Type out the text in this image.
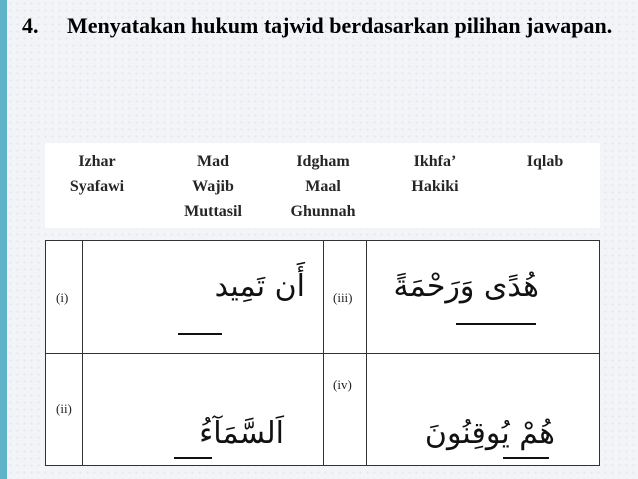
4. Menyatakan hukum tajwid berdasarkan pilihan jawapan.
Izhar
Syafawi
Mad
Wajib
Muttasil
Idgham
Maal
Ghunnah
Ikhfa’
Hakiki
Iqlab
(i)	أَن تَمِيد (iii) هُدًى وَرَحْمَةً
(ii)
اَلسَّمَآءُ
(iv)
هُمْ يُوقِنُونَ
